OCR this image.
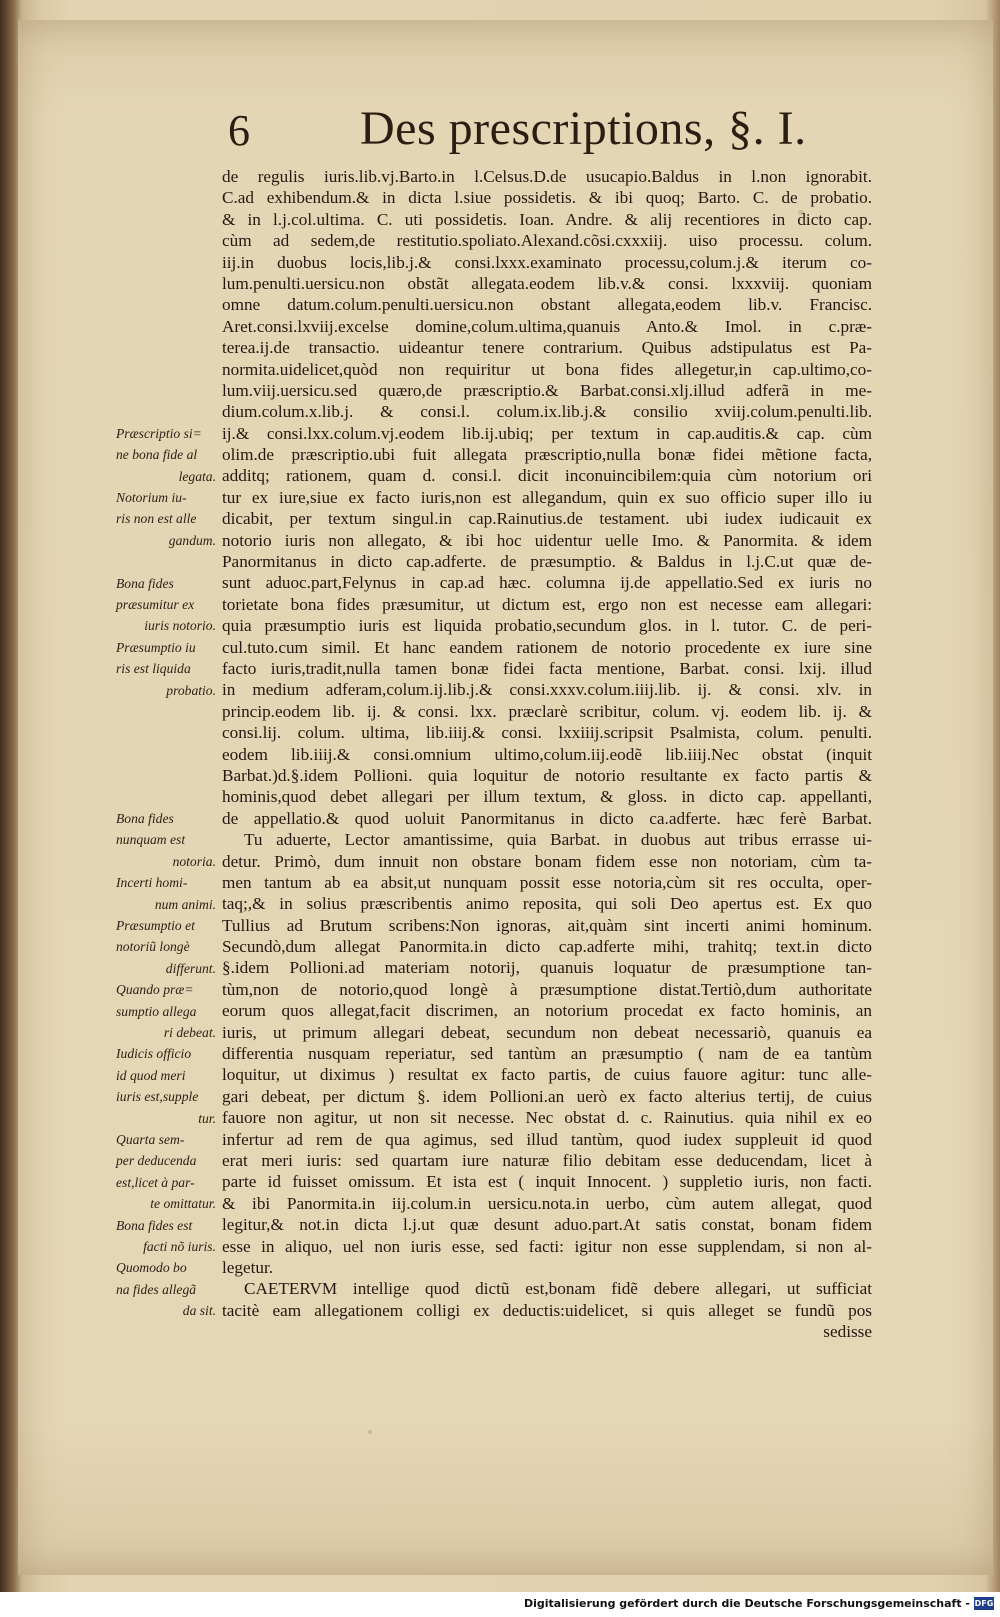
6 Des prescriptions, §. I.
Præscriptio si=
ne bona fide al
legata.
Notorium iu-
ris non est alle
gandum.
Bona fides
præsumitur ex
iuris notorio.
Præsumptio iu
ris est liquida
probatio.
Bona fides
nunquam est
notoria.
Incerti homi-
num animi.
Præsumptio et
notoriũ longè
differunt.
Quando præ=
sumptio allega
ri debeat.
Iudicis officio
id quod meri
iuris est,supple
tur.
Quarta sem-
per deducenda
est,licet à par-
te omittatur.
Bona fides est
facti nõ iuris.
Quomodo bo
na fides allegã
da sit.
de regulis iuris.lib.vj.Barto.in l.Celsus.D.de usucapio.Baldus in l.non ignorabit.
C.ad exhibendum.& in dicta l.siue possidetis. & ibi quoq; Barto. C. de probatio.
& in l.j.col.ultima. C. uti possidetis. Ioan. Andre. & alij recentiores in dicto cap.
cùm ad sedem,de restitutio.spoliato.Alexand.cõsi.cxxxiij. uiso processu. colum.
iij.in duobus locis,lib.j.& consi.lxxx.examinato processu,colum.j.& iterum co-
lum.penulti.uersicu.non obstãt allegata.eodem lib.v.& consi. lxxxviij. quoniam
omne datum.colum.penulti.uersicu.non obstant allegata,eodem lib.v. Francisc.
Aret.consi.lxviij.excelse domine,colum.ultima,quanuis Anto.& Imol. in c.præ-
terea.ij.de transactio. uideantur tenere contrarium. Quibus adstipulatus est Pa-
normita.uidelicet,quòd non requiritur ut bona fides allegetur,in cap.ultimo,co-
lum.viij.uersicu.sed quæro,de præscriptio.& Barbat.consi.xlj.illud adferã in me-
dium.colum.x.lib.j. & consi.l. colum.ix.lib.j.& consilio xviij.colum.penulti.lib.
ij.& consi.lxx.colum.vj.eodem lib.ij.ubiq; per textum in cap.auditis.& cap. cùm
olim.de præscriptio.ubi fuit allegata præscriptio,nulla bonæ fidei mẽtione facta,
additq; rationem, quam d. consi.l. dicit inconuincibilem:quia cùm notorium ori
tur ex iure,siue ex facto iuris,non est allegandum, quin ex suo officio super illo iu
dicabit, per textum singul.in cap.Rainutius.de testament. ubi iudex iudicauit ex
notorio iuris non allegato, & ibi hoc uidentur uelle Imo. & Panormita. & idem
Panormitanus in dicto cap.adferte. de præsumptio. & Baldus in l.j.C.ut quæ de-
sunt aduoc.part,Felynus in cap.ad hæc. columna ij.de appellatio.Sed ex iuris no
torietate bona fides præsumitur, ut dictum est, ergo non est necesse eam allegari:
quia præsumptio iuris est liquida probatio,secundum glos. in l. tutor. C. de peri-
cul.tuto.cum simil. Et hanc eandem rationem de notorio procedente ex iure sine
facto iuris,tradit,nulla tamen bonæ fidei facta mentione, Barbat. consi. lxij. illud
in medium adferam,colum.ij.lib.j.& consi.xxxv.colum.iiij.lib. ij. & consi. xlv. in
princip.eodem lib. ij. & consi. lxx. præclarè scribitur, colum. vj. eodem lib. ij. &
consi.lij. colum. ultima, lib.iiij.& consi. lxxiiij.scripsit Psalmista, colum. penulti.
eodem lib.iiij.& consi.omnium ultimo,colum.iij.eodẽ lib.iiij.Nec obstat (inquit
Barbat.)d.§.idem Pollioni. quia loquitur de notorio resultante ex facto partis &
hominis,quod debet allegari per illum textum, & gloss. in dicto cap. appellanti,
de appellatio.& quod uoluit Panormitanus in dicto ca.adferte. hæc ferè Barbat.
Tu aduerte, Lector amantissime, quia Barbat. in duobus aut tribus errasse ui-
detur. Primò, dum innuit non obstare bonam fidem esse non notoriam, cùm ta-
men tantum ab ea absit,ut nunquam possit esse notoria,cùm sit res occulta, oper-
taq;,& in solius præscribentis animo reposita, qui soli Deo apertus est. Ex quo
Tullius ad Brutum scribens:Non ignoras, ait,quàm sint incerti animi hominum.
Secundò,dum allegat Panormita.in dicto cap.adferte mihi, trahitq; text.in dicto
§.idem Pollioni.ad materiam notorij, quanuis loquatur de præsumptione tan-
tùm,non de notorio,quod longè à præsumptione distat.Tertiò,dum authoritate
eorum quos allegat,facit discrimen, an notorium procedat ex facto hominis, an
iuris, ut primum allegari debeat, secundum non debeat necessariò, quanuis ea
differentia nusquam reperiatur, sed tantùm an præsumptio ( nam de ea tantùm
loquitur, ut diximus ) resultat ex facto partis, de cuius fauore agitur: tunc alle-
gari debeat, per dictum §. idem Pollioni.an uerò ex facto alterius tertij, de cuius
fauore non agitur, ut non sit necesse. Nec obstat d. c. Rainutius. quia nihil ex eo
infertur ad rem de qua agimus, sed illud tantùm, quod iudex suppleuit id quod
erat meri iuris: sed quartam iure naturæ filio debitam esse deducendam, licet à
parte id fuisset omissum. Et ista est ( inquit Innocent. ) suppletio iuris, non facti.
& ibi Panormita.in iij.colum.in uersicu.nota.in uerbo, cùm autem allegat, quod
legitur,& not.in dicta l.j.ut quæ desunt aduo.part.At satis constat, bonam fidem
esse in aliquo, uel non iuris esse, sed facti: igitur non esse supplendam, si non al-
legetur.
CAETERVM intellige quod dictũ est,bonam fidẽ debere allegari, ut sufficiat
tacitè eam allegationem colligi ex deductis:uidelicet, si quis alleget se fundũ pos
sedisse
Digitalisierung gefördert durch die Deutsche Forschungsgemeinschaft - DFG
